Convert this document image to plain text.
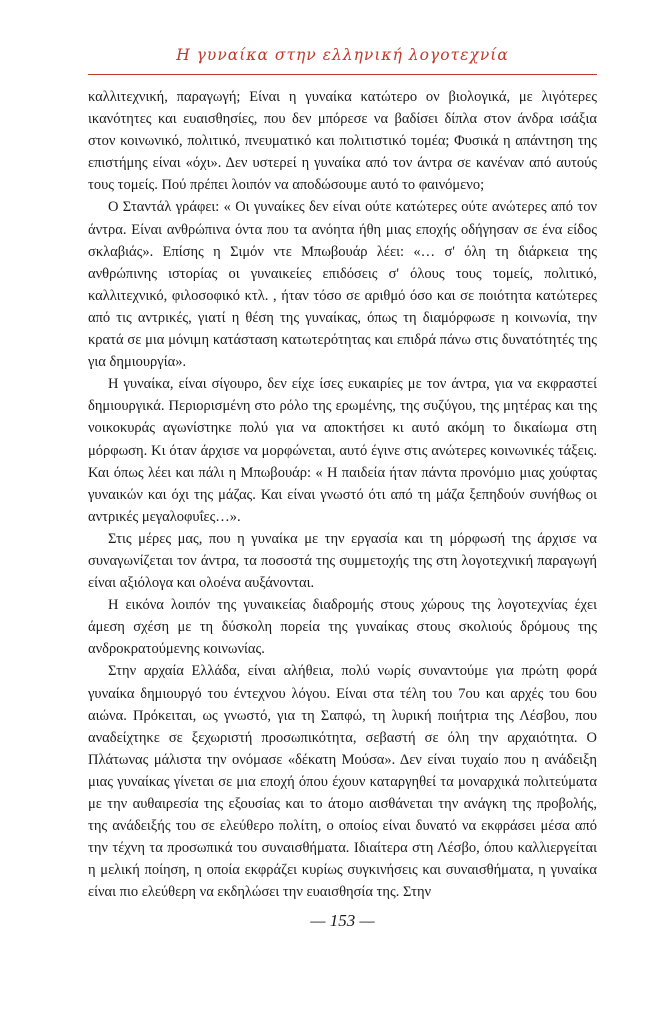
Η γυναίκα στην ελληνική λογοτεχνία

καλλιτεχνική, παραγωγή; Είναι η γυναίκα κατώτερο ον βιολογικά, με λιγότερες ικανότητες και ευαισθησίες, που δεν μπόρεσε να βαδίσει δίπλα στον άνδρα ισάξια στον κοινωνικό, πολιτικό, πνευματικό και πολιτιστικό τομέα; Φυσικά η απάντηση της επιστήμης είναι «όχι». Δεν υστερεί η γυναίκα από τον άντρα σε κανέναν από αυτούς τους τομείς. Πού πρέπει λοιπόν να αποδώσουμε αυτό το φαινόμενο;

Ο Σταντάλ γράφει: « Οι γυναίκες δεν είναι ούτε κατώτερες ούτε ανώτερες από τον άντρα. Είναι ανθρώπινα όντα που τα ανόητα ήθη μιας εποχής οδήγησαν σε ένα είδος σκλαβιάς». Επίσης η Σιμόν ντε Μπωβουάρ λέει: «… σ' όλη τη διάρκεια της ανθρώπινης ιστορίας οι γυναικείες επιδόσεις σ' όλους τους τομείς, πολιτικό, καλλιτεχνικό, φιλοσοφικό κτλ. , ήταν τόσο σε αριθμό όσο και σε ποιότητα κατώτερες από τις αντρικές, γιατί η θέση της γυναίκας, όπως τη διαμόρφωσε η κοινωνία, την κρατά σε μια μόνιμη κατάσταση κατωτερότητας και επιδρά πάνω στις δυνατότητές της για δημιουργία».

Η γυναίκα, είναι σίγουρο, δεν είχε ίσες ευκαιρίες με τον άντρα, για να εκφραστεί δημιουργικά. Περιορισμένη στο ρόλο της ερωμένης, της συζύγου, της μητέρας και της νοικοκυράς αγωνίστηκε πολύ για να αποκτήσει κι αυτό ακόμη το δικαίωμα στη μόρφωση. Κι όταν άρχισε να μορφώνεται, αυτό έγινε στις ανώτερες κοινωνικές τάξεις. Και όπως λέει και πάλι η Μπωβουάρ: « Η παιδεία ήταν πάντα προνόμιο μιας χούφτας γυναικών και όχι της μάζας. Και είναι γνωστό ότι από τη μάζα ξεπηδούν συνήθως οι αντρικές μεγαλοφυΐες…».

Στις μέρες μας, που η γυναίκα με την εργασία και τη μόρφωσή της άρχισε να συναγωνίζεται τον άντρα, τα ποσοστά της συμμετοχής της στη λογοτεχνική παραγωγή είναι αξιόλογα και ολοένα αυξάνονται.

Η εικόνα λοιπόν της γυναικείας διαδρομής στους χώρους της λογοτεχνίας έχει άμεση σχέση με τη δύσκολη πορεία της γυναίκας στους σκολιούς δρόμους της ανδροκρατούμενης κοινωνίας.

Στην αρχαία Ελλάδα, είναι αλήθεια, πολύ νωρίς συναντούμε για πρώτη φορά γυναίκα δημιουργό του έντεχνου λόγου. Είναι στα τέλη του 7ου και αρχές του 6ου αιώνα. Πρόκειται, ως γνωστό, για τη Σαπφώ, τη λυρική ποιήτρια της Λέσβου, που αναδείχτηκε σε ξεχωριστή προσωπικότητα, σεβαστή σε όλη την αρχαιότητα. Ο Πλάτωνας μάλιστα την ονόμασε «δέκατη Μούσα». Δεν είναι τυχαίο που η ανάδειξη μιας γυναίκας γίνεται σε μια εποχή όπου έχουν καταργηθεί τα μοναρχικά πολιτεύματα με την αυθαιρεσία της εξουσίας και το άτομο αισθάνεται την ανάγκη της προβολής, της ανάδειξής του σε ελεύθερο πολίτη, ο οποίος είναι δυνατό να εκφράσει μέσα από την τέχνη τα προσωπικά του συναισθήματα. Ιδιαίτερα στη Λέσβο, όπου καλλιεργείται η μελική ποίηση, η οποία εκφράζει κυρίως συγκινήσεις και συναισθήματα, η γυναίκα είναι πιο ελεύθερη να εκδηλώσει την ευαισθησία της. Στην

— 153 —
